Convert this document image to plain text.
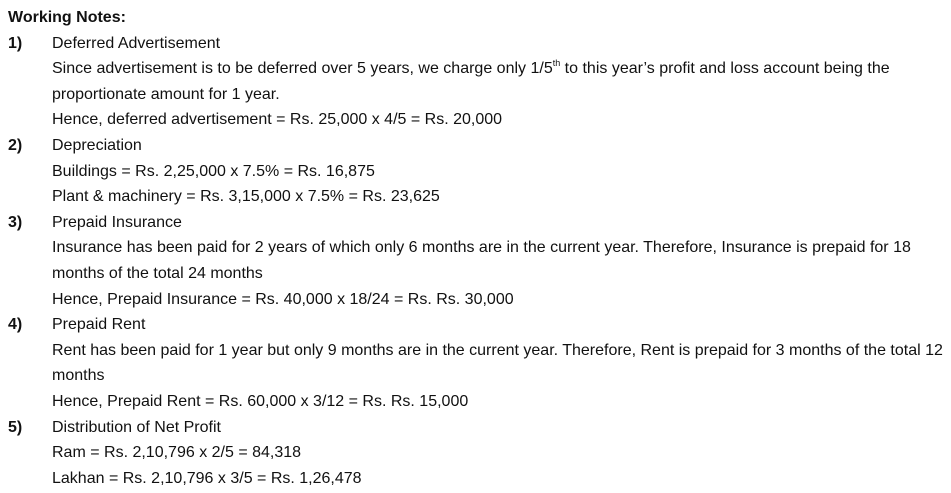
Working Notes:
1)	Deferred Advertisement
Since advertisement is to be deferred over 5 years, we charge only 1/5th to this year’s profit and loss account being the proportionate amount for 1 year.
Hence, deferred advertisement = Rs. 25,000 x 4/5 = Rs. 20,000
2)	Depreciation
Buildings = Rs. 2,25,000 x 7.5% = Rs. 16,875
Plant & machinery = Rs. 3,15,000 x 7.5% = Rs. 23,625
3)	Prepaid Insurance
Insurance has been paid for 2 years of which only 6 months are in the current year. Therefore, Insurance is prepaid for 18 months of the total 24 months
Hence, Prepaid Insurance = Rs. 40,000 x 18/24 = Rs. Rs. 30,000
4)	Prepaid Rent
Rent has been paid for 1 year but only 9 months are in the current year. Therefore, Rent is prepaid for 3 months of the total 12 months
Hence, Prepaid Rent = Rs. 60,000 x 3/12 = Rs. Rs. 15,000
5)	Distribution of Net Profit
Ram = Rs. 2,10,796 x 2/5 = 84,318
Lakhan = Rs. 2,10,796 x 3/5 = Rs. 1,26,478
